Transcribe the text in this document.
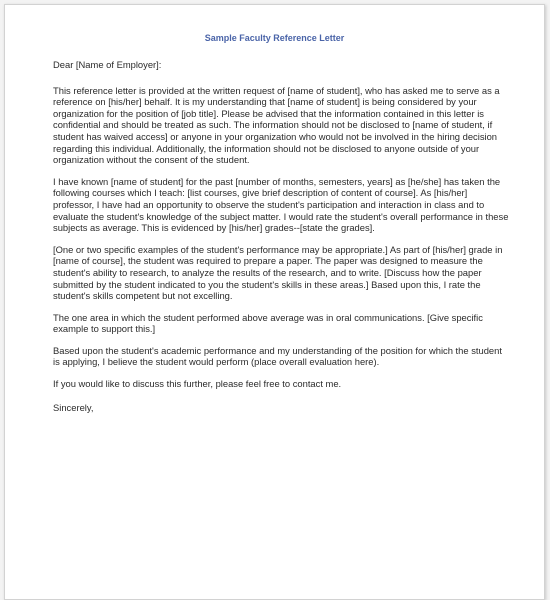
Sample Faculty Reference Letter

Dear [Name of Employer]:

This reference letter is provided at the written request of [name of student], who has asked me to serve as a reference on [his/her] behalf. It is my understanding that [name of student] is being considered by your organization for the position of [job title]. Please be advised that the information contained in this letter is confidential and should be treated as such. The information should not be disclosed to [name of student, if student has waived access] or anyone in your organization who would not be involved in the hiring decision regarding this individual. Additionally, the information should not be disclosed to anyone outside of your organization without the consent of the student.

I have known [name of student] for the past [number of months, semesters, years] as [he/she] has taken the following courses which I teach: [list courses, give brief description of content of course]. As [his/her] professor, I have had an opportunity to observe the student's participation and interaction in class and to evaluate the student's knowledge of the subject matter. I would rate the student's overall performance in these subjects as average. This is evidenced by [his/her] grades--[state the grades].

[One or two specific examples of the student's performance may be appropriate.] As part of [his/her] grade in [name of course], the student was required to prepare a paper. The paper was designed to measure the student's ability to research, to analyze the results of the research, and to write. [Discuss how the paper submitted by the student indicated to you the student's skills in these areas.] Based upon this, I rate the student's skills competent but not excelling.

The one area in which the student performed above average was in oral communications. [Give specific example to support this.]

Based upon the student's academic performance and my understanding of the position for which the student is applying, I believe the student would perform (place overall evaluation here).

If you would like to discuss this further, please feel free to contact me.

Sincerely,
